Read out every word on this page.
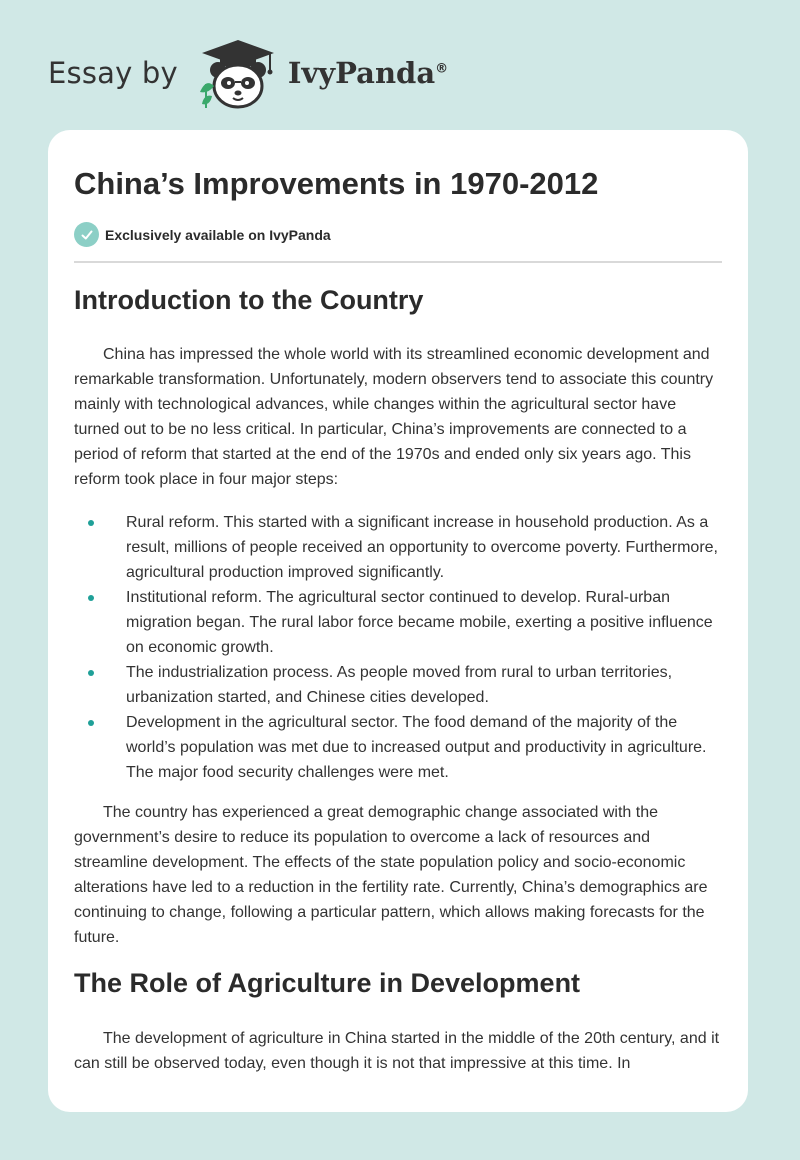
Essay by	IvyPanda®
China’s Improvements in 1970-2012
Exclusively available on IvyPanda
Introduction to the Country

China has impressed the whole world with its streamlined economic development and remarkable transformation. Unfortunately, modern observers tend to associate this country mainly with technological advances, while changes within the agricultural sector have turned out to be no less critical. In particular, China’s improvements are connected to a period of reform that started at the end of the 1970s and ended only six years ago. This reform took place in four major steps:

Rural reform. This started with a significant increase in household production. As a result, millions of people received an opportunity to overcome poverty. Furthermore, agricultural production improved significantly.
Institutional reform. The agricultural sector continued to develop. Rural-urban migration began. The rural labor force became mobile, exerting a positive influence on economic growth.
The industrialization process. As people moved from rural to urban territories, urbanization started, and Chinese cities developed.
Development in the agricultural sector. The food demand of the majority of the world’s population was met due to increased output and productivity in agriculture. The major food security challenges were met.

The country has experienced a great demographic change associated with the government’s desire to reduce its population to overcome a lack of resources and streamline development. The effects of the state population policy and socio-economic alterations have led to a reduction in the fertility rate. Currently, China’s demographics are continuing to change, following a particular pattern, which allows making forecasts for the future.

The Role of Agriculture in Development

The development of agriculture in China started in the middle of the 20th century, and it can still be observed today, even though it is not that impressive at this time. In
